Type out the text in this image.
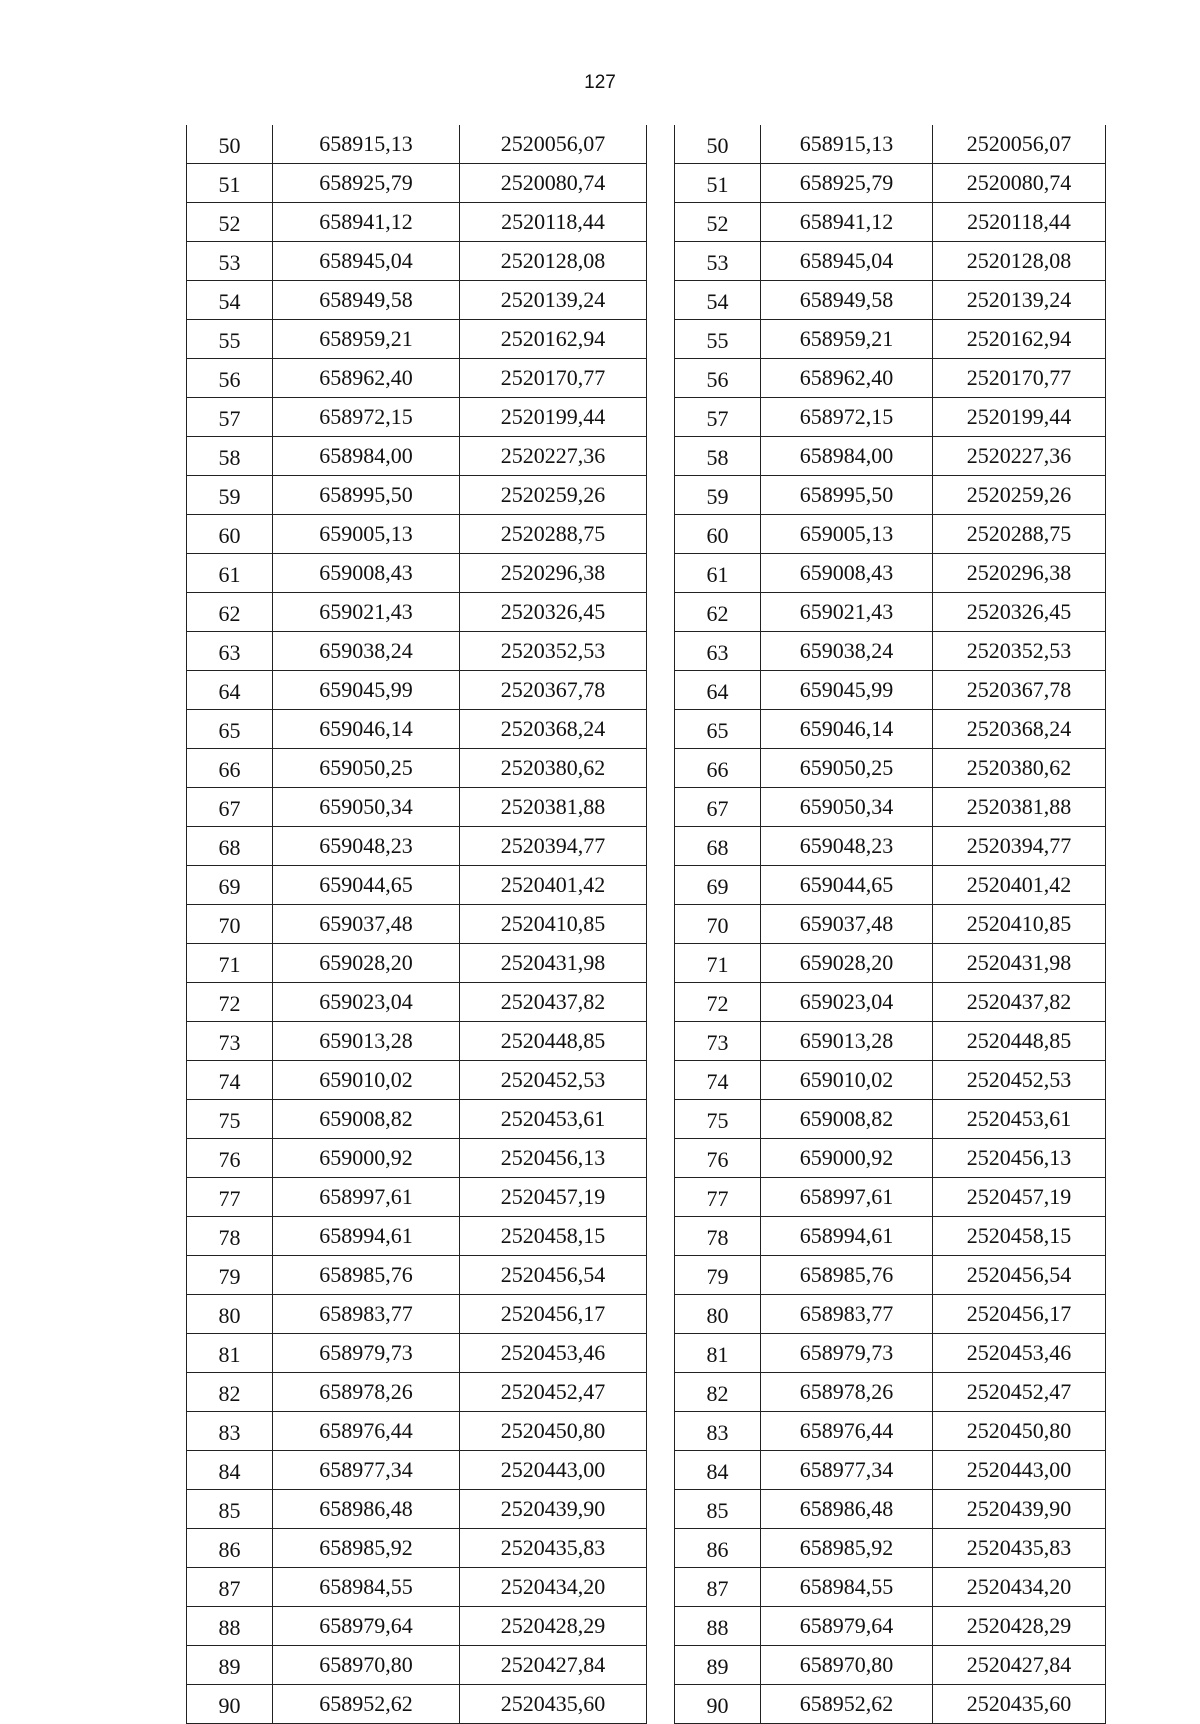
127
50	658915,13	2520056,07
51	658925,79	2520080,74
52	658941,12	2520118,44
53	658945,04	2520128,08
54	658949,58	2520139,24
55	658959,21	2520162,94
56	658962,40	2520170,77
57	658972,15	2520199,44
58	658984,00	2520227,36
59	658995,50	2520259,26
60	659005,13	2520288,75
61	659008,43	2520296,38
62	659021,43	2520326,45
63	659038,24	2520352,53
64	659045,99	2520367,78
65	659046,14	2520368,24
66	659050,25	2520380,62
67	659050,34	2520381,88
68	659048,23	2520394,77
69	659044,65	2520401,42
70	659037,48	2520410,85
71	659028,20	2520431,98
72	659023,04	2520437,82
73	659013,28	2520448,85
74	659010,02	2520452,53
75	659008,82	2520453,61
76	659000,92	2520456,13
77	658997,61	2520457,19
78	658994,61	2520458,15
79	658985,76	2520456,54
80	658983,77	2520456,17
81	658979,73	2520453,46
82	658978,26	2520452,47
83	658976,44	2520450,80
84	658977,34	2520443,00
85	658986,48	2520439,90
86	658985,92	2520435,83
87	658984,55	2520434,20
88	658979,64	2520428,29
89	658970,80	2520427,84
90	658952,62	2520435,60
50	658915,13	2520056,07
51	658925,79	2520080,74
52	658941,12	2520118,44
53	658945,04	2520128,08
54	658949,58	2520139,24
55	658959,21	2520162,94
56	658962,40	2520170,77
57	658972,15	2520199,44
58	658984,00	2520227,36
59	658995,50	2520259,26
60	659005,13	2520288,75
61	659008,43	2520296,38
62	659021,43	2520326,45
63	659038,24	2520352,53
64	659045,99	2520367,78
65	659046,14	2520368,24
66	659050,25	2520380,62
67	659050,34	2520381,88
68	659048,23	2520394,77
69	659044,65	2520401,42
70	659037,48	2520410,85
71	659028,20	2520431,98
72	659023,04	2520437,82
73	659013,28	2520448,85
74	659010,02	2520452,53
75	659008,82	2520453,61
76	659000,92	2520456,13
77	658997,61	2520457,19
78	658994,61	2520458,15
79	658985,76	2520456,54
80	658983,77	2520456,17
81	658979,73	2520453,46
82	658978,26	2520452,47
83	658976,44	2520450,80
84	658977,34	2520443,00
85	658986,48	2520439,90
86	658985,92	2520435,83
87	658984,55	2520434,20
88	658979,64	2520428,29
89	658970,80	2520427,84
90	658952,62	2520435,60
